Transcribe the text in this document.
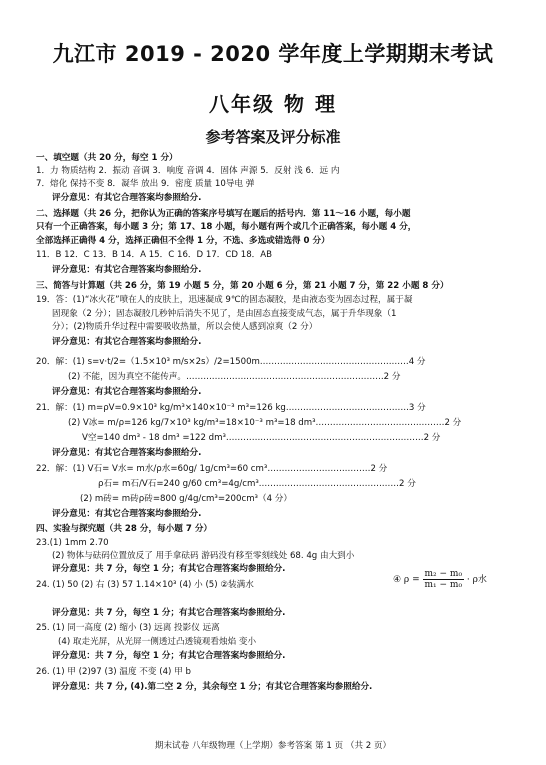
九江市 2019 - 2020 学年度上学期期末考试
八年级 物 理
参考答案及评分标准
一、填空题（共 20 分，每空 1 分）
1．力 物质结构 2．振动 音调 3．响度 音调 4．固体 声源 5．反射 浅 6．远 内
7．熔化 保持不变 8．凝华 放出 9．密度 质量 10导电 弹
评分意见：有其它合理答案均参照给分.
二、选择题（共 26 分，把你认为正确的答案序号填写在题后的括号内．第 11～16 小题，每小题
只有一个正确答案，每小题 3 分；第 17、18 小题，每小题有两个或几个正确答案，每小题 4 分，
全部选择正确得 4 分，选择正确但不全得 1 分，不选、多选或错选得 0 分）
11．B 12．C 13．B 14．A 15．C 16．D 17．CD 18．AB
评分意见：有其它合理答案均参照给分.
三、简答与计算题（共 26 分，第 19 小题 5 分，第 20 小题 6 分，第 21 小题 7 分，第 22 小题 8 分）
19．答：(1)“冰火花”喷在人的皮肤上，迅速凝成 9℃的固态凝胶，是由液态变为固态过程，属于凝
固现象（2 分）；固态凝胶几秒钟后消失不见了，是由固态直接变成气态，属于升华现象（1
分）；(2)物质升华过程中需要吸收热量，所以会使人感到凉爽（2 分）
评分意见：有其它合理答案均参照给分.
20．解：(1) s=v·t/2=（1.5×10³ m/s×2s）/2=1500m.……………………………………………4 分
(2) 不能，因为真空不能传声。……………………………………………………………2 分
评分意见：有其它合理答案均参照给分.
21．解：(1) m=ρV=0.9×10³ kg/m³×140×10⁻³ m³=126 kg.……………………………………3 分
(2) V冰= m/ρ=126 kg/7×10³ kg/m³=18×10⁻³ m³=18 dm³………………………………………2 分
V空=140 dm³ - 18 dm³ =122 dm³……………………………………………………………2 分
评分意见：有其它合理答案均参照给分.
22．解：(1) V石= V水= m水/ρ水=60g/ 1g/cm³=60 cm³………………………………2 分
ρ石= m石/V石=240 g/60 cm³=4g/cm³.…………………………………………2 分
(2) m砖= m砖ρ砖=800 g/4g/cm³=200cm³（4 分）
评分意见：有其它合理答案均参照给分.
四、实验与探究题（共 28 分，每小题 7 分）
23.(1) 1mm 2.70
(2) 物体与砝码位置放反了 用手拿砝码 游码没有移至零刻线处 68. 4g 由大到小
评分意见：共 7 分，每空 1 分；有其它合理答案均参照给分.
24. (1) 50 (2) 右 (3) 57 1.14×10³ (4) 小 (5) ②装满水
评分意见：共 7 分，每空 1 分；有其它合理答案均参照给分.
25. (1) 同一高度 (2) 缩小 (3) 远离 投影仪 远离
(4) 取走光屏，从光屏一侧透过凸透镜观看烛焰 变小
评分意见：共 7 分，每空 1 分；有其它合理答案均参照给分.
26. (1) 甲 (2)97 (3) 温度 不变 (4) 甲 b
评分意见：共 7 分, (4).第二空 2 分，其余每空 1 分；有其它合理答案均参照给分.
④ $\rho = \frac{\text{m₂ − m₀}}{\text{m₁ − m₀}} \cdot \rho$水
期末试卷 八年级物理（上学期）参考答案 第 1 页 （共 2 页）
